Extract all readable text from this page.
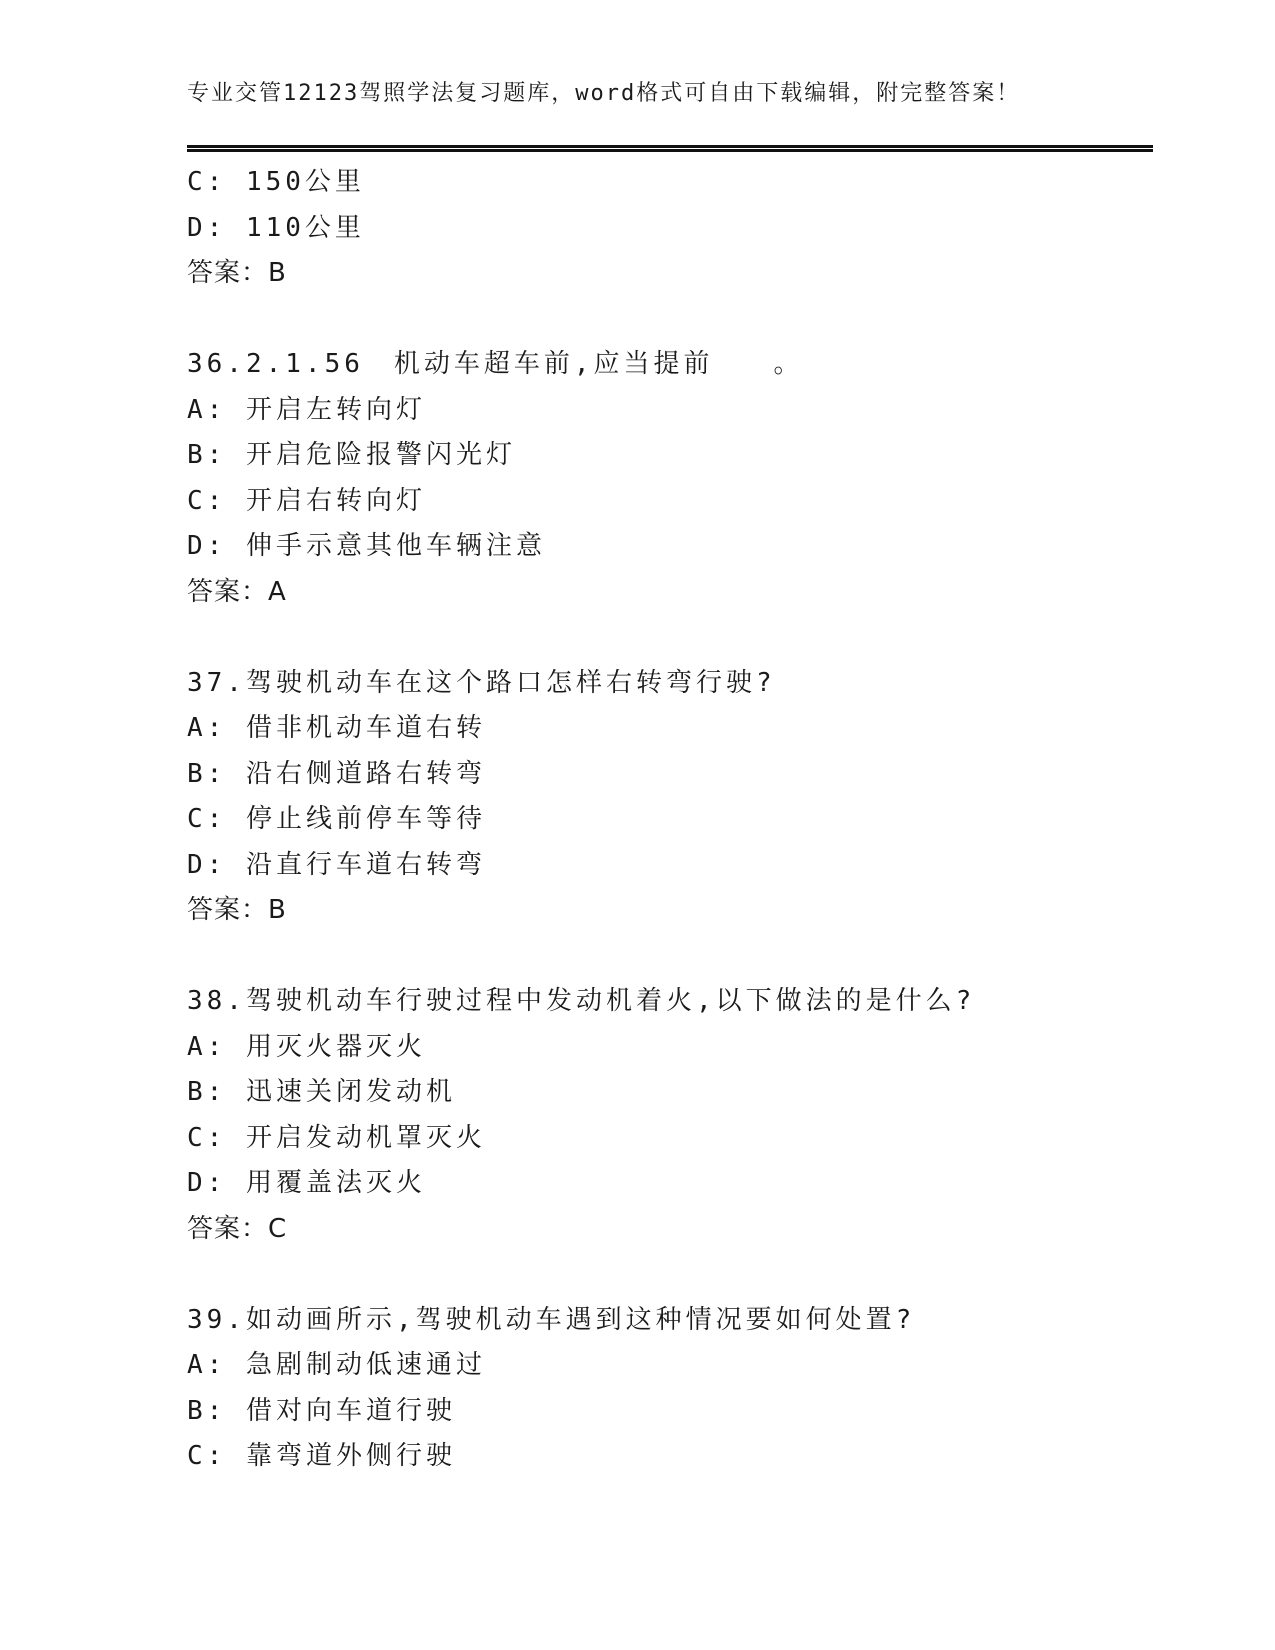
专业交管12123驾照学法复习题库，word格式可自由下载编辑，附完整答案！
C: 150公里
D: 110公里
答案：B
36.2.1.56　机动车超车前,应当提前　　。
A: 开启左转向灯
B: 开启危险报警闪光灯
C: 开启右转向灯
D: 伸手示意其他车辆注意
答案：A
37.驾驶机动车在这个路口怎样右转弯行驶?
A: 借非机动车道右转
B: 沿右侧道路右转弯
C: 停止线前停车等待
D: 沿直行车道右转弯
答案：B
38.驾驶机动车行驶过程中发动机着火,以下做法的是什么?
A: 用灭火器灭火
B: 迅速关闭发动机
C: 开启发动机罩灭火
D: 用覆盖法灭火
答案：C
39.如动画所示,驾驶机动车遇到这种情况要如何处置?
A: 急剧制动低速通过
B: 借对向车道行驶
C: 靠弯道外侧行驶
